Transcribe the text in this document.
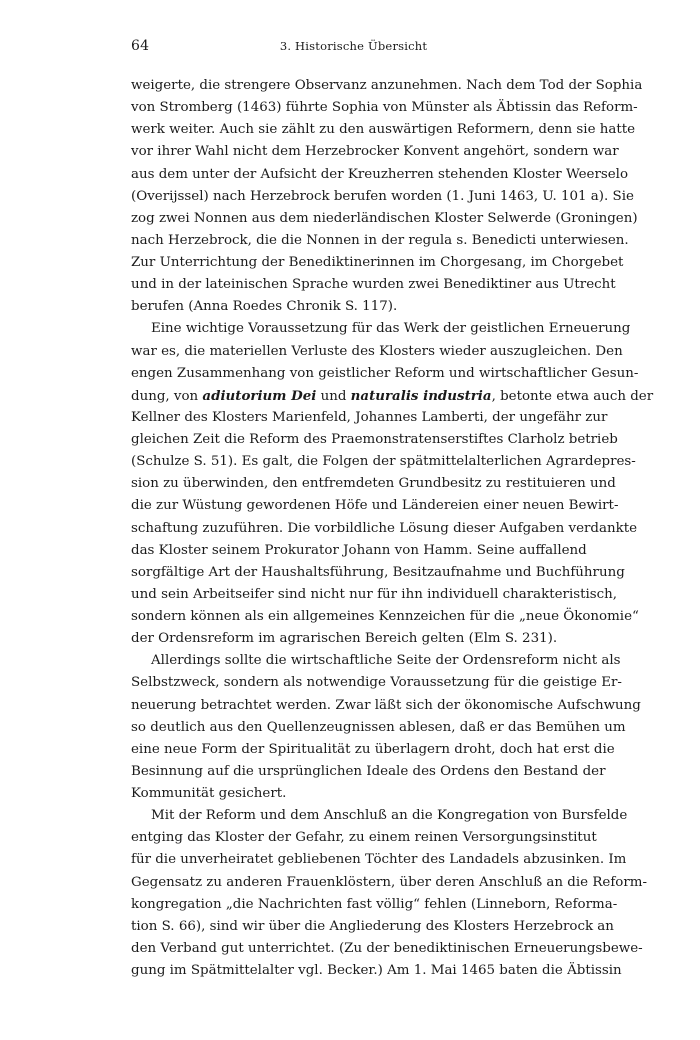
64	3. Historische Übersicht
weigerte, die strengere Observanz anzunehmen. Nach dem Tod der Sophia
von Stromberg (1463) führte Sophia von Münster als Äbtissin das Reform-
werk weiter. Auch sie zählt zu den auswärtigen Reformern, denn sie hatte
vor ihrer Wahl nicht dem Herzebrocker Konvent angehört, sondern war
aus dem unter der Aufsicht der Kreuzherren stehenden Kloster Weerselo
(Overijssel) nach Herzebrock berufen worden (1. Juni 1463, U. 101 a). Sie
zog zwei Nonnen aus dem niederländischen Kloster Selwerde (Groningen)
nach Herzebrock, die die Nonnen in der regula s. Benedicti unterwiesen.
Zur Unterrichtung der Benediktinerinnen im Chorgesang, im Chorgebet
und in der lateinischen Sprache wurden zwei Benediktiner aus Utrecht
berufen (Anna Roedes Chronik S. 117).
Eine wichtige Voraussetzung für das Werk der geistlichen Erneuerung
war es, die materiellen Verluste des Klosters wieder auszugleichen. Den
engen Zusammenhang von geistlicher Reform und wirtschaftlicher Gesun-
dung, von adiutorium Dei und naturalis industria, betonte etwa auch der
Kellner des Klosters Marienfeld, Johannes Lamberti, der ungefähr zur
gleichen Zeit die Reform des Praemonstratenserstiftes Clarholz betrieb
(Schulze S. 51). Es galt, die Folgen der spätmittelalterlichen Agrardepres-
sion zu überwinden, den entfremdeten Grundbesitz zu restituieren und
die zur Wüstung gewordenen Höfe und Ländereien einer neuen Bewirt-
schaftung zuzuführen. Die vorbildliche Lösung dieser Aufgaben verdankte
das Kloster seinem Prokurator Johann von Hamm. Seine auffallend
sorgfältige Art der Haushaltsführung, Besitzaufnahme und Buchführung
und sein Arbeitseifer sind nicht nur für ihn individuell charakteristisch,
sondern können als ein allgemeines Kennzeichen für die „neue Ökonomie“
der Ordensreform im agrarischen Bereich gelten (Elm S. 231).
Allerdings sollte die wirtschaftliche Seite der Ordensreform nicht als
Selbstzweck, sondern als notwendige Voraussetzung für die geistige Er-
neuerung betrachtet werden. Zwar läßt sich der ökonomische Aufschwung
so deutlich aus den Quellenzeugnissen ablesen, daß er das Bemühen um
eine neue Form der Spiritualität zu überlagern droht, doch hat erst die
Besinnung auf die ursprünglichen Ideale des Ordens den Bestand der
Kommunität gesichert.
Mit der Reform und dem Anschluß an die Kongregation von Bursfelde
entging das Kloster der Gefahr, zu einem reinen Versorgungsinstitut
für die unverheiratet gebliebenen Töchter des Landadels abzusinken. Im
Gegensatz zu anderen Frauenklöstern, über deren Anschluß an die Reform-
kongregation „die Nachrichten fast völlig“ fehlen (Linneborn, Reforma-
tion S. 66), sind wir über die Angliederung des Klosters Herzebrock an
den Verband gut unterrichtet. (Zu der benediktinischen Erneuerungsbewe-
gung im Spätmittelalter vgl. Becker.) Am 1. Mai 1465 baten die Äbtissin
